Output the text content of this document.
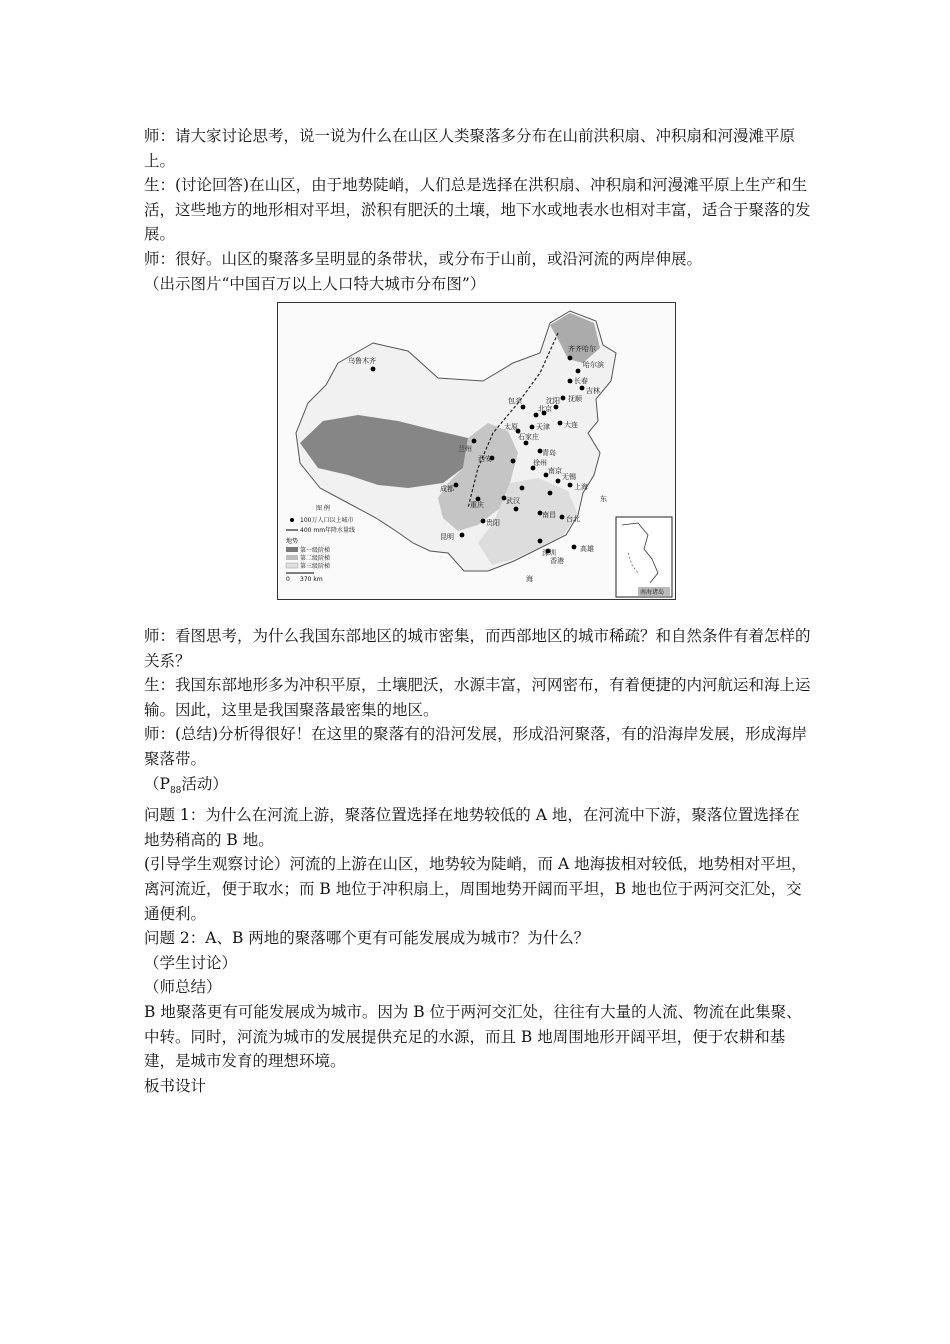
师：请大家讨论思考，说一说为什么在山区人类聚落多分布在山前洪积扇、冲积扇和河漫滩平原上。

生：(讨论回答)在山区，由于地势陡峭，人们总是选择在洪积扇、冲积扇和河漫滩平原上生产和生活，这些地方的地形相对平坦，淤积有肥沃的土壤，地下水或地表水也相对丰富，适合于聚落的发展。

师：很好。山区的聚落多呈明显的条带状，或分布于山前，或沿河流的两岸伸展。

（出示图片“中国百万以上人口特大城市分布图”）

乌鲁木齐
齐齐哈尔
哈尔滨
长春
吉林
抚顺
沈阳
大连
包头
北京
天津
太原
石家庄
青岛
兰州
西安	徐州
南京
无锡
上海
武汉
成都
重庆
贵阳
南昌 台北
昆明
深圳
香港
高雄
东
海
图 例
100万人口以上城市
400 mm年降水量线
地势
第一级阶梯
第二级阶梯
第三级阶梯
0 370 km
南海诸岛

师：看图思考，为什么我国东部地区的城市密集，而西部地区的城市稀疏？和自然条件有着怎样的关系？

生：我国东部地形多为冲积平原，土壤肥沃，水源丰富，河网密布，有着便捷的内河航运和海上运输。因此，这里是我国聚落最密集的地区。

师：(总结)分析得很好！在这里的聚落有的沿河发展，形成沿河聚落，有的沿海岸发展，形成海岸聚落带。

（$P_{88}$活动）

问题 1：为什么在河流上游，聚落位置选择在地势较低的 A 地，在河流中下游，聚落位置选择在地势稍高的 B 地。

(引导学生观察讨论）河流的上游在山区，地势较为陡峭，而 A 地海拔相对较低，地势相对平坦，离河流近，便于取水；而 B 地位于冲积扇上，周围地势开阔而平坦，B 地也位于两河交汇处，交通便利。

问题 2：A、B 两地的聚落哪个更有可能发展成为城市？为什么？

（学生讨论）

（师总结）

B 地聚落更有可能发展成为城市。因为 B 位于两河交汇处，往往有大量的人流、物流在此集聚、中转。同时，河流为城市的发展提供充足的水源，而且 B 地周围地形开阔平坦，便于农耕和基建，是城市发育的理想环境。

板书设计
